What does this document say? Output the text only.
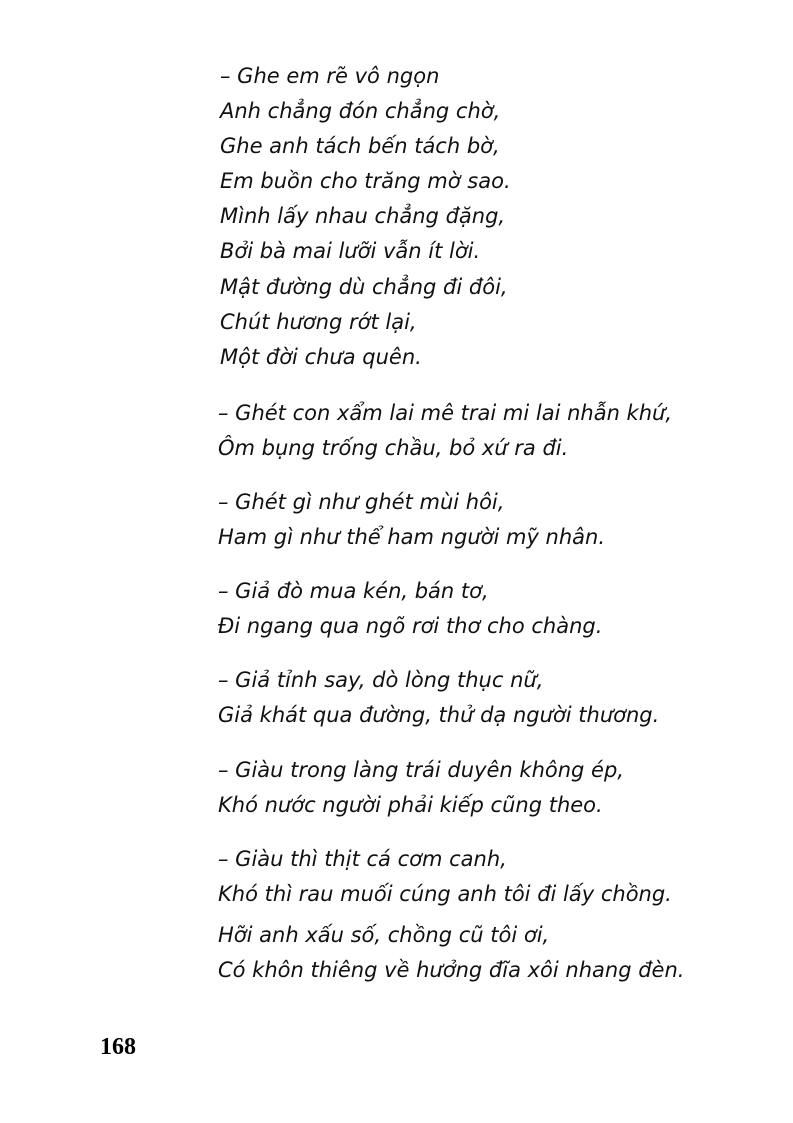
– Ghe em rẽ vô ngọn
Anh chẳng đón chẳng chờ,
Ghe anh tách bến tách bờ,
Em buồn cho trăng mờ sao.
Mình lấy nhau chẳng đặng,
Bởi bà mai lưỡi vẫn ít lời.
Mật đường dù chẳng đi đôi,
Chút hương rớt lại,
Một đời chưa quên.
– Ghét con xẩm lai mê trai mi lai nhẫn khứ,
Ôm bụng trống chầu, bỏ xứ ra đi.
– Ghét gì như ghét mùi hôi,
Ham gì như thể ham người mỹ nhân.
– Giả đò mua kén, bán tơ,
Đi ngang qua ngõ rơi thơ cho chàng.
– Giả tỉnh say, dò lòng thục nữ,
Giả khát qua đường, thử dạ người thương.
– Giàu trong làng trái duyên không ép,
Khó nước người phải kiếp cũng theo.
– Giàu thì thịt cá cơm canh,
Khó thì rau muối cúng anh tôi đi lấy chồng.
Hỡi anh xấu số, chồng cũ tôi ơi,
Có khôn thiêng về hưởng đĩa xôi nhang đèn.
168
